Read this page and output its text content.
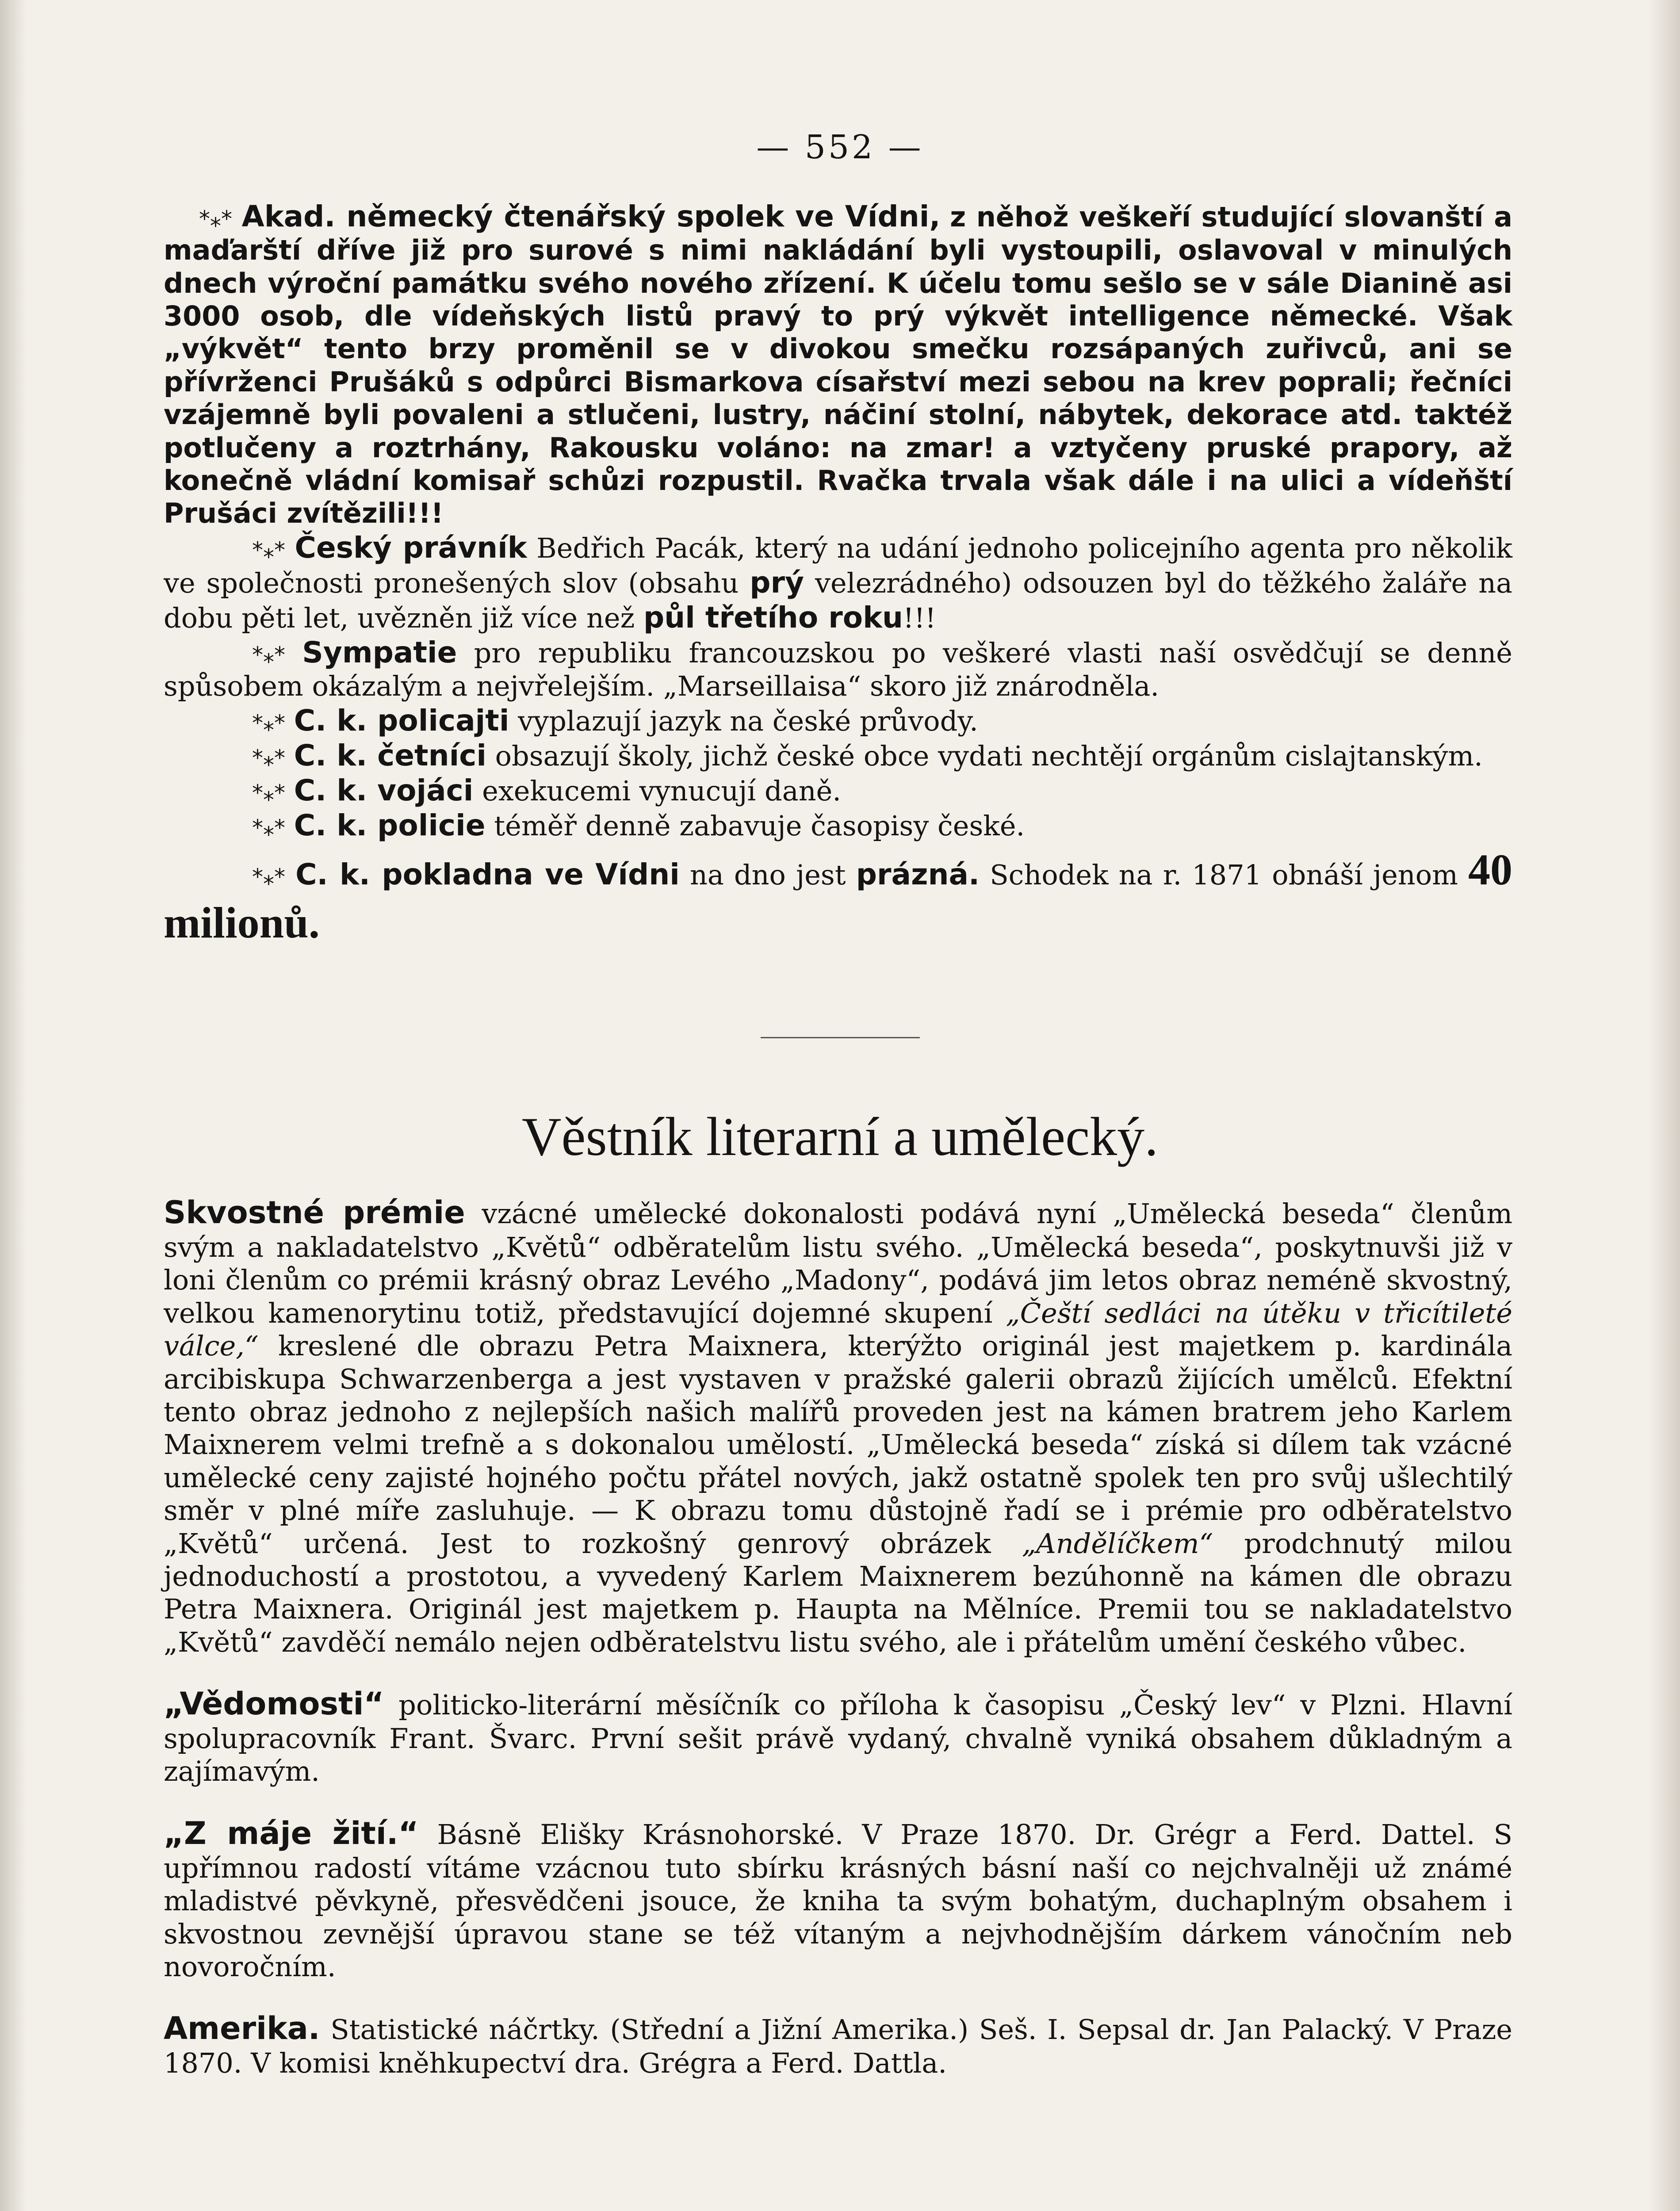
— 552 —

*⁎* Akad. německý čtenářský spolek ve Vídni, z něhož veškeří studující slovanští a maďarští dříve již pro surové s nimi nakládání byli vystoupili, oslavoval v minulých dnech výroční památku svého nového zřízení. K účelu tomu sešlo se v sále Dianině asi 3000 osob, dle vídeňských listů pravý to prý výkvět intelligence německé. Však „výkvět“ tento brzy proměnil se v divokou smečku rozsápaných zuřivců, ani se přívrženci Prušáků s odpůrci Bismarkova císařství mezi sebou na krev poprali; řečníci vzájemně byli povaleni a stlučeni, lustry, náčiní stolní, nábytek, dekorace atd. taktéž potlučeny a roztrhány, Rakousku voláno: na zmar! a vztyčeny pruské prapory, až konečně vládní komisař schůzi rozpustil. Rvačka trvala však dále i na ulici a vídeňští Prušáci zvítězili!!!

*⁎* Český právník Bedřich Pacák, který na udání jednoho policejního agenta pro několik ve společnosti pronešených slov (obsahu prý velezrádného) odsouzen byl do těžkého žaláře na dobu pěti let, uvězněn již více než půl třetího roku!!!

*⁎* Sympatie pro republiku francouzskou po veškeré vlasti naší osvědčují se denně spůsobem okázalým a nejvřelejším. „Marseillaisa“ skoro již znárodněla.

*⁎* C. k. policajti vyplazují jazyk na české průvody.

*⁎* C. k. četníci obsazují školy, jichž české obce vydati nechtějí orgánům cislajtanským.

*⁎* C. k. vojáci exekucemi vynucují daně.

*⁎* C. k. policie téměř denně zabavuje časopisy české.

*⁎* C. k. pokladna ve Vídni na dno jest prázná. Schodek na r. 1871 obnáší jenom 40 milionů.

Věstník literarní a umělecký.

Skvostné prémie vzácné umělecké dokonalosti podává nyní „Umělecká beseda“ členům svým a nakladatelstvo „Květů“ odběratelům listu svého. „Umělecká beseda“, poskytnuvši již v loni členům co prémii krásný obraz Levého „Madony“, podává jim letos obraz neméně skvostný, velkou kamenorytinu totiž, představující dojemné skupení „Čeští sedláci na útěku v třicítileté válce,“ kreslené dle obrazu Petra Maixnera, kterýžto originál jest majetkem p. kardinála arcibiskupa Schwarzenberga a jest vystaven v pražské galerii obrazů žijících umělců. Efektní tento obraz jednoho z nejlepších našich malířů proveden jest na kámen bratrem jeho Karlem Maixnerem velmi trefně a s dokonalou umělostí. „Umělecká beseda“ získá si dílem tak vzácné umělecké ceny zajisté hojného počtu přátel nových, jakž ostatně spolek ten pro svůj ušlechtilý směr v plné míře zasluhuje. — K obrazu tomu důstojně řadí se i prémie pro odběratelstvo „Květů“ určená. Jest to rozkošný genrový obrázek „Andělíčkem“ prodchnutý milou jednoduchostí a prostotou, a vyvedený Karlem Maixnerem bezúhonně na kámen dle obrazu Petra Maixnera. Originál jest majetkem p. Haupta na Mělníce. Premii tou se nakladatelstvo „Květů“ zavděčí nemálo nejen odběratelstvu listu svého, ale i přátelům umění českého vůbec.

„Vědomosti“ politicko-literární měsíčník co příloha k časopisu „Český lev“ v Plzni. Hlavní spolupracovník Frant. Švarc. První sešit právě vydaný, chvalně vyniká obsahem důkladným a zajímavým.

„Z máje žití.“ Básně Elišky Krásnohorské. V Praze 1870. Dr. Grégr a Ferd. Dattel. S upřímnou radostí vítáme vzácnou tuto sbírku krásných básní naší co nejchvalněji už známé mladistvé pěvkyně, přesvědčeni jsouce, že kniha ta svým bohatým, duchaplným obsahem i skvostnou zevnější úpravou stane se též vítaným a nejvhodnějším dárkem vánočním neb novoročním.

Amerika. Statistické náčrtky. (Střední a Jižní Amerika.) Seš. I. Sepsal dr. Jan Palacký. V Praze 1870. V komisi kněhkupectví dra. Grégra a Ferd. Dattla.
